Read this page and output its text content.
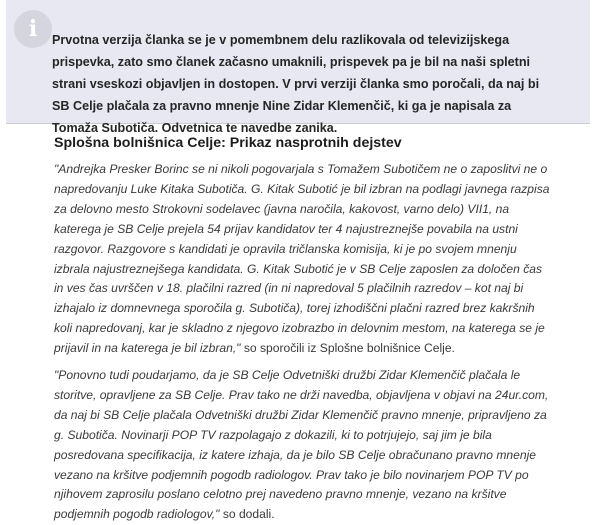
i	Prvotna verzija članka se je v pomembnem delu razlikovala od televizijskega prispevka, zato smo članek začasno umaknili, prispevek pa je bil na naši spletni strani vseskozi objavljen in dostopen. V prvi verziji članka smo poročali, da naj bi SB Celje plačala za pravno mnenje Nine Zidar Klemenčič, ki ga je napisala za Tomaža Subotiča. Odvetnica te navedbe zanika.

Splošna bolnišnica Celje: Prikaz nasprotnih dejstev

"Andrejka Presker Borinc se ni nikoli pogovarjala s Tomažem Subotičem ne o zaposlitvi ne o napredovanju Luke Kitaka Subotiča. G. Kitak Subotić je bil izbran na podlagi javnega razpisa za delovno mesto Strokovni sodelavec (javna naročila, kakovost, varno delo) VII1, na katerega je SB Celje prejela 54 prijav kandidatov ter 4 najustreznejše povabila na ustni razgovor. Razgovore s kandidati je opravila tričlanska komisija, ki je po svojem mnenju izbrala najustreznejšega kandidata. G. Kitak Subotić je v SB Celje zaposlen za določen čas in ves čas uvrščen v 18. plačilni razred (in ni napredoval 5 plačilnih razredov – kot naj bi izhajalo iz domnevnega sporočila g. Subotiča), torej izhodiščni plačni razred brez kakršnih koli napredovanj, kar je skladno z njegovo izobrazbo in delovnim mestom, na katerega se je prijavil in na katerega je bil izbran," so sporočili iz Splošne bolnišnice Celje.

"Ponovno tudi poudarjamo, da je SB Celje Odvetniški družbi Zidar Klemenčič plačala le storitve, opravljene za SB Celje. Prav tako ne drži navedba, objavljena v objavi na 24ur.com, da naj bi SB Celje plačala Odvetniški družbi Zidar Klemenčič pravno mnenje, pripravljeno za g. Subotiča. Novinarji POP TV razpolagajo z dokazili, ki to potrjujejo, saj jim je bila posredovana specifikacija, iz katere izhaja, da je bilo SB Celje obračunano pravno mnenje vezano na kršitve podjemnih pogodb radiologov. Prav tako je bilo novinarjem POP TV po njihovem zaprosilu poslano celotno prej navedeno pravno mnenje, vezano na kršitve podjemnih pogodb radiologov," so dodali.
